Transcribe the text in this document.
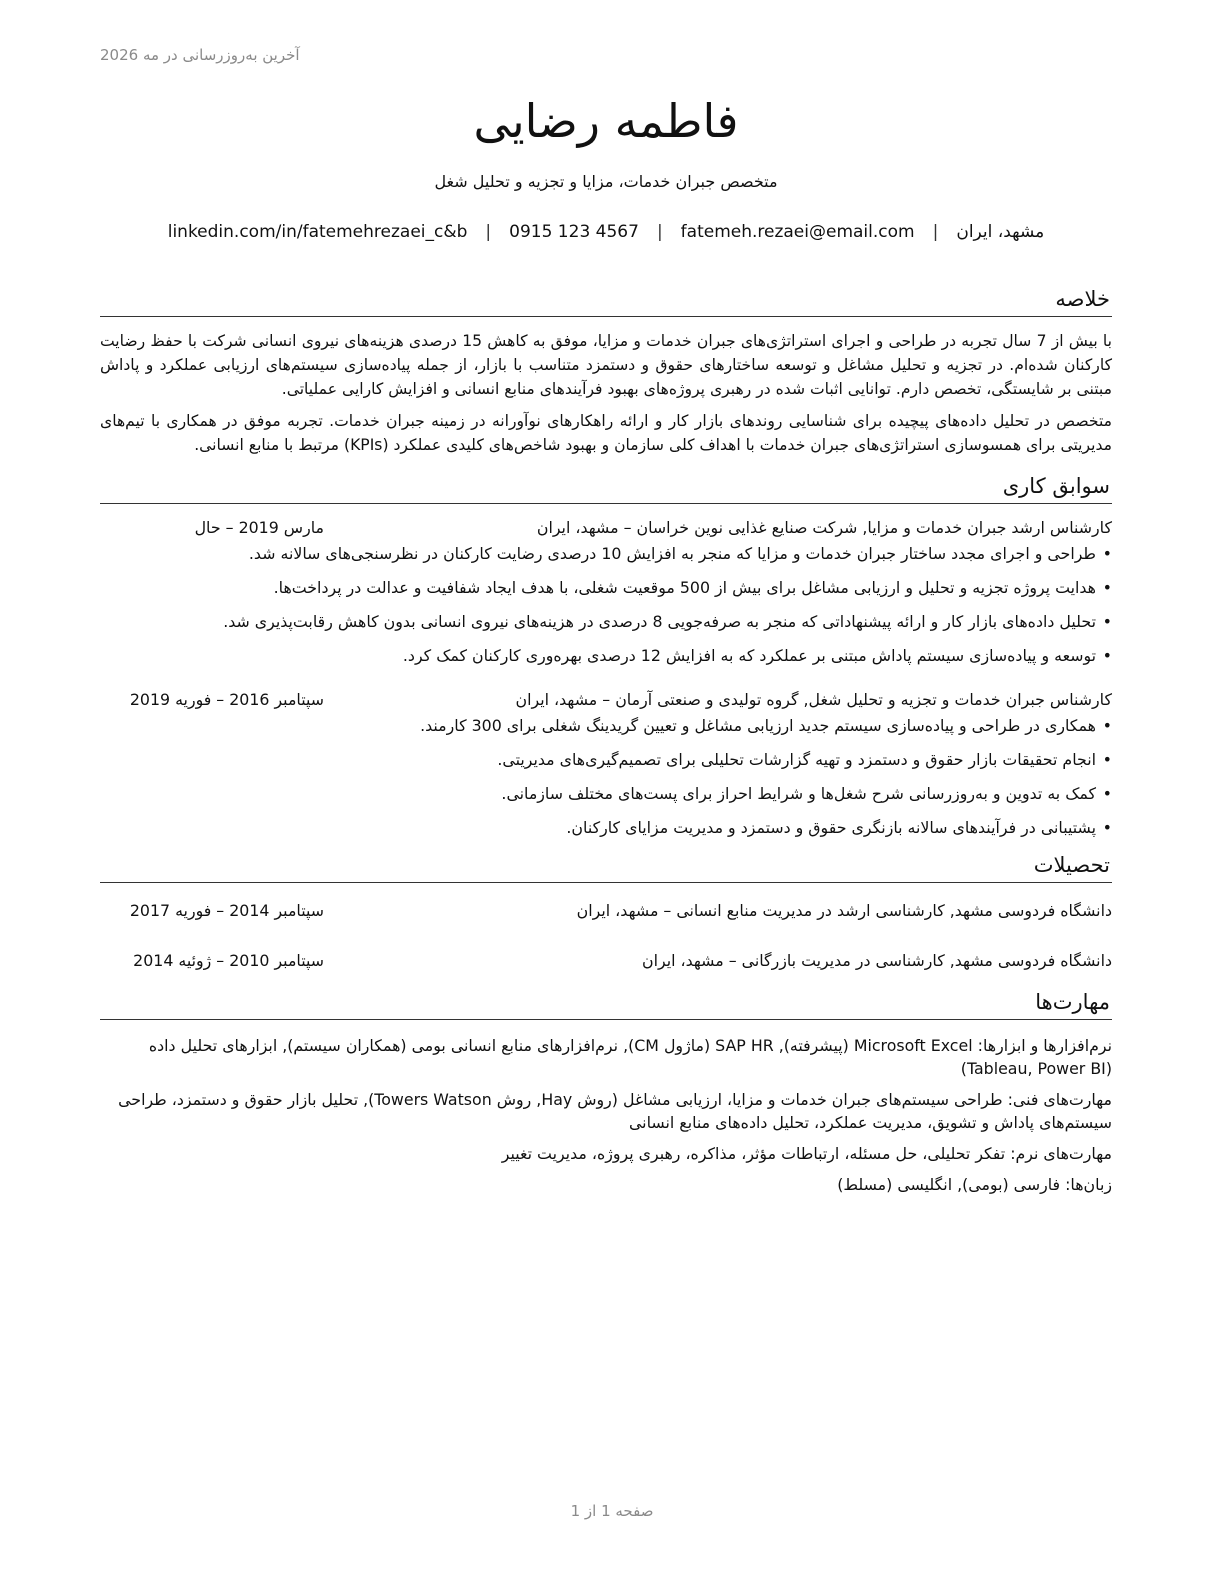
آخرین به‌روزرسانی در مه 2026
فاطمه رضایی
متخصص جبران خدمات، مزایا و تجزیه و تحلیل شغل
مشهد، ایران
|
fatemeh.rezaei@email.com
|
0915 123 4567
|
linkedin.com/in/fatemehrezaei_c&b
خلاصه

با بیش از 7 سال تجربه در طراحی و اجرای استراتژی‌های جبران خدمات و مزایا، موفق به کاهش 15 درصدی هزینه‌های نیروی انسانی شرکت با حفظ رضایت کارکنان شده‌ام. در تجزیه و تحلیل مشاغل و توسعه ساختارهای حقوق و دستمزد متناسب با بازار، از جمله پیاده‌سازی سیستم‌های ارزیابی عملکرد و پاداش مبتنی بر شایستگی، تخصص دارم. توانایی اثبات شده در رهبری پروژه‌های بهبود فرآیندهای منابع انسانی و افزایش کارایی عملیاتی.

متخصص در تحلیل داده‌های پیچیده برای شناسایی روندهای بازار کار و ارائه راهکارهای نوآورانه در زمینه جبران خدمات. تجربه موفق در همکاری با تیم‌های مدیریتی برای همسوسازی استراتژی‌های جبران خدمات با اهداف کلی سازمان و بهبود شاخص‌های کلیدی عملکرد (KPIs) مرتبط با منابع انسانی.

سوابق کاری
کارشناس ارشد جبران خدمات و مزایا, شرکت صنایع غذایی نوین خراسان – مشهد، ایران
مارس 2019 – حال
•
طراحی و اجرای مجدد ساختار جبران خدمات و مزایا که منجر به افزایش 10 درصدی رضایت کارکنان در نظرسنجی‌های سالانه شد.
•
هدایت پروژه تجزیه و تحلیل و ارزیابی مشاغل برای بیش از 500 موقعیت شغلی، با هدف ایجاد شفافیت و عدالت در پرداخت‌ها.
•
تحلیل داده‌های بازار کار و ارائه پیشنهاداتی که منجر به صرفه‌جویی 8 درصدی در هزینه‌های نیروی انسانی بدون کاهش رقابت‌پذیری شد.
•
توسعه و پیاده‌سازی سیستم پاداش مبتنی بر عملکرد که به افزایش 12 درصدی بهره‌وری کارکنان کمک کرد.
کارشناس جبران خدمات و تجزیه و تحلیل شغل, گروه تولیدی و صنعتی آرمان – مشهد، ایران
سپتامبر 2016 – فوریه 2019
•
همکاری در طراحی و پیاده‌سازی سیستم جدید ارزیابی مشاغل و تعیین گریدینگ شغلی برای 300 کارمند.
•
انجام تحقیقات بازار حقوق و دستمزد و تهیه گزارشات تحلیلی برای تصمیم‌گیری‌های مدیریتی.
•
کمک به تدوین و به‌روزرسانی شرح شغل‌ها و شرایط احراز برای پست‌های مختلف سازمانی.
•
پشتیبانی در فرآیندهای سالانه بازنگری حقوق و دستمزد و مدیریت مزایای کارکنان.
تحصیلات
دانشگاه فردوسی مشهد, کارشناسی ارشد در مدیریت منابع انسانی – مشهد، ایران
سپتامبر 2014 – فوریه 2017
دانشگاه فردوسی مشهد, کارشناسی در مدیریت بازرگانی – مشهد، ایران
سپتامبر 2010 – ژوئیه 2014
مهارت‌ها

نرم‌افزارها و ابزارها: Microsoft Excel (پیشرفته), SAP HR (ماژول CM), نرم‌افزارهای منابع انسانی بومی (همکاران سیستم), ابزارهای تحلیل داده (Tableau, Power BI)

مهارت‌های فنی: طراحی سیستم‌های جبران خدمات و مزایا، ارزیابی مشاغل (روش Hay, روش Towers Watson), تحلیل بازار حقوق و دستمزد، طراحی سیستم‌های پاداش و تشویق، مدیریت عملکرد، تحلیل داده‌های منابع انسانی

مهارت‌های نرم: تفکر تحلیلی، حل مسئله، ارتباطات مؤثر، مذاکره، رهبری پروژه، مدیریت تغییر

زبان‌ها: فارسی (بومی), انگلیسی (مسلط)

صفحه 1 از 1
